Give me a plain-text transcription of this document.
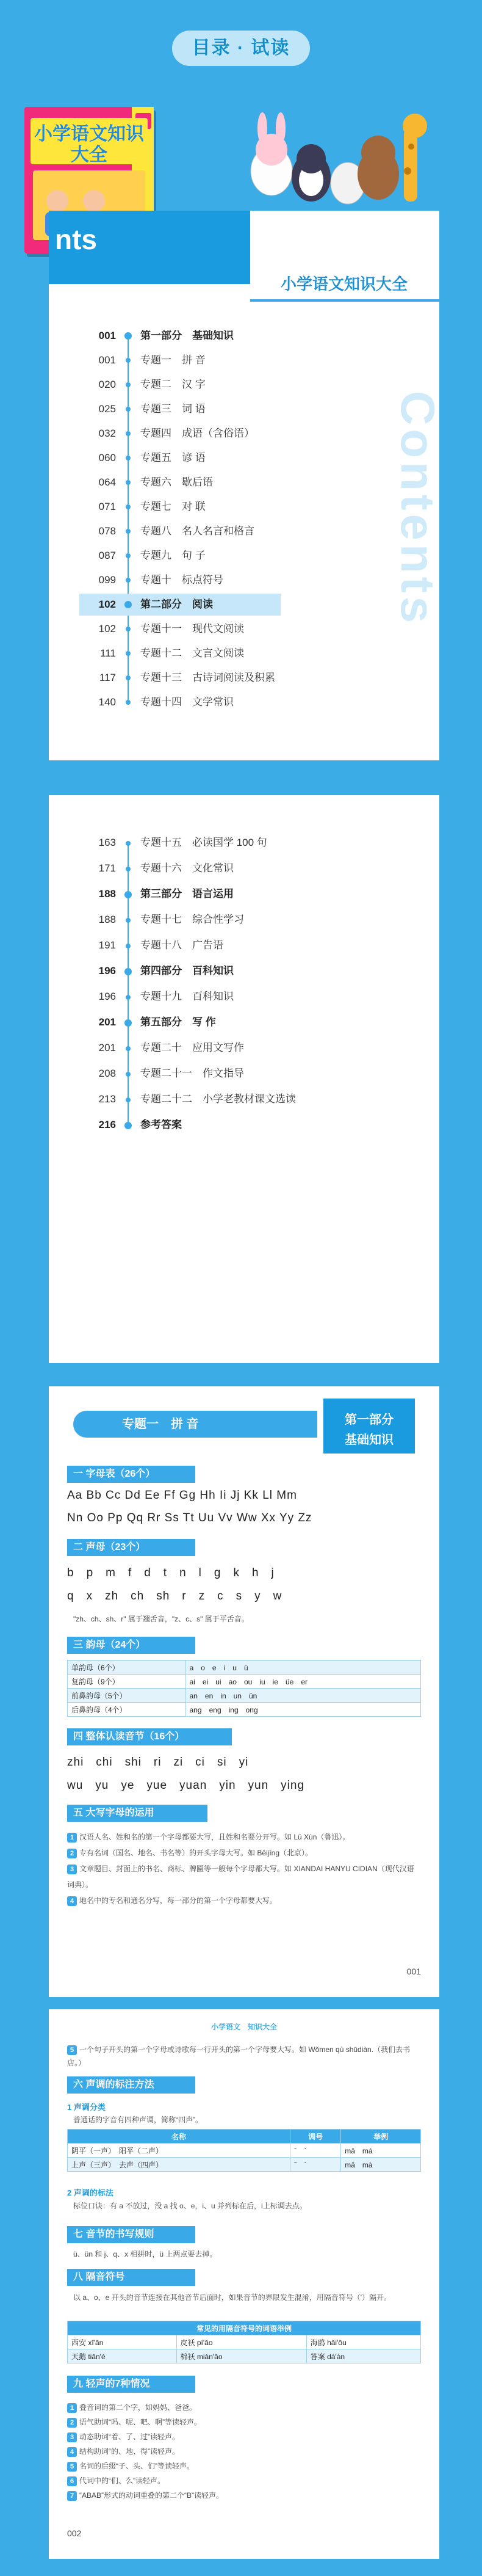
目录 · 试读
小学语文知识大全
nts
小学语文知识大全
Contents
001 第一部分　基础知识
001 专题一　拼 音
020 专题二　汉 字
025 专题三　词 语
032 专题四　成语（含俗语）
060 专题五　谚 语
064 专题六　歇后语
071 专题七　对 联
078 专题八　名人名言和格言
087 专题九　句 子
099 专题十　标点符号
102 第二部分　阅读
102 专题十一　现代文阅读
111 专题十二　文言文阅读
117 专题十三　古诗词阅读及积累
140 专题十四　文学常识
163 专题十五　必读国学 100 句
171 专题十六　文化常识
188 第三部分　语言运用
188 专题十七　综合性学习
191 专题十八　广告语
196 第四部分　百科知识
196 专题十九　百科知识
201 第五部分　写 作
201 专题二十　应用文写作
208 专题二十一　作文指导
213 专题二十二　小学老教材课文选读
216 参考答案
专题一　拼 音	第一部分
基础知识
一 字母表（26个）
Aa Bb Cc Dd Ee Ff Gg Hh Ii Jj Kk Ll Mm
Nn Oo Pp Qq Rr Ss Tt Uu Vv Ww Xx Yy Zz
二 声母（23个）
b　p　m　f　d　t　n　l　g　k　h　j
q　x　zh　ch　sh　r　z　c　s　y　w
"zh、ch、sh、r" 属于翘舌音，"z、c、s" 属于平舌音。
三 韵母（24个）
单韵母（6个）	a　o　e　i　u　ü
复韵母（9个）	ai　ei　ui　ao　ou　iu　ie　üe　er
前鼻韵母（5个）	an　en　in　un　ün
后鼻韵母（4个）	ang　eng　ing　ong
四 整体认读音节（16个）
zhi　chi　shi　ri　zi　ci　si　yi
wu　yu　ye　yue　yuan　yin　yun　ying
五 大写字母的运用
1 汉语人名、姓和名的第一个字母都要大写，且姓和名要分开写。如 Lǔ Xùn（鲁迅）。
2 专有名词（国名、地名、书名等）的开头字母大写。如 Běijīng（北京）。
3 文章题目、封面上的书名、商标、牌匾等一般每个字母都大写。如 XIANDAI HANYU CIDIAN（现代汉语词典）。
4 地名中的专名和通名分写，每一部分的第一个字母都要大写。
001
小学语文　知识大全
5 一个句子开头的第一个字母或诗歌每一行开头的第一个字母要大写。如 Wǒmen qù shūdiàn.（我们去书店。）
六 声调的标注方法
1 声调分类
普通话的字音有四种声调，简称“四声”。
名称	调号	举例
阴平（一声）　阳平（二声）	ˉ　ˊ	mā　má
上声（三声）　去声（四声）	ˇ　ˋ	mǎ　mà
2 声调的标法
标位口诀：有 a 不放过，没 a 找 o、e，i、u 并列标在后，i上标调去点。
七 音节的书写规则
ü、ün 和 j、q、x 相拼时，ü 上两点要去掉。
八 隔音符号
以 a、o、e 开头的音节连接在其他音节后面时，如果音节的界限发生混淆，用隔音符号（'）隔开。
常见的用隔音符号的词语举例		
西安 xī'ān	皮袄 pí'ǎo	海鸥 hǎi'ōu
天鹅 tiān'é	棉袄 mián'ǎo	答案 dá'àn
九 轻声的7种情况
1 叠音词的第二个字，如妈妈、爸爸。
2 语气助词“吗、呢、吧、啊”等读轻声。
3 动态助词“着、了、过”读轻声。
4 结构助词“的、地、得”读轻声。
5 名词的后缀“子、头、们”等读轻声。
6 代词中的“们、么”读轻声。
7 “ABAB”形式的动词重叠的第二个“B”读轻声。
002
